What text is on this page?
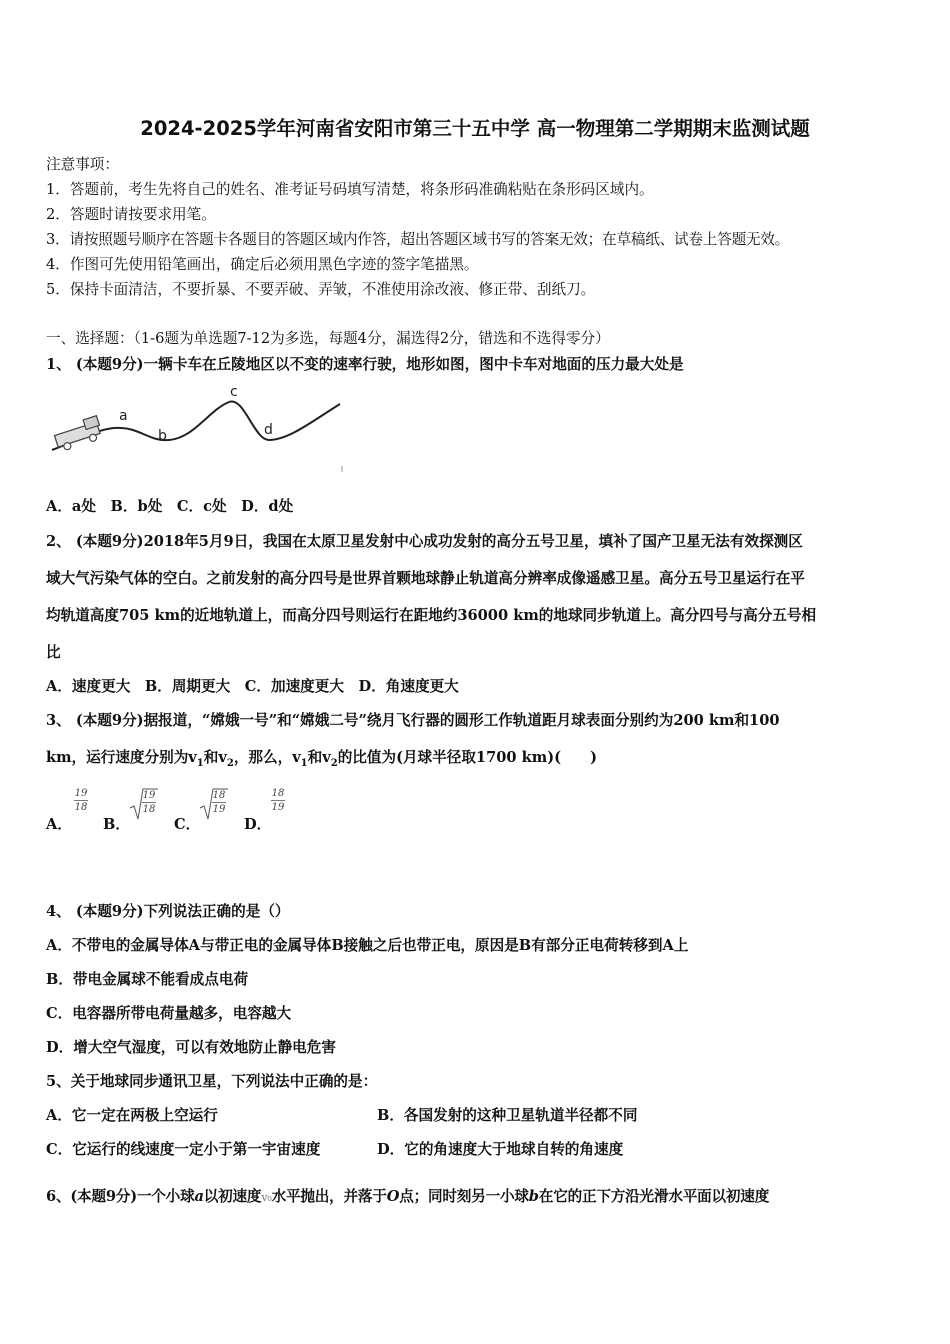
2024-2025学年河南省安阳市第三十五中学 高一物理第二学期期末监测试题
注意事项：
1．答题前，考生先将自己的姓名、准考证号码填写清楚，将条形码准确粘贴在条形码区域内。
2．答题时请按要求用笔。
3．请按照题号顺序在答题卡各题目的答题区域内作答，超出答题区域书写的答案无效；在草稿纸、试卷上答题无效。
4．作图可先使用铅笔画出，确定后必须用黑色字迹的签字笔描黑。
5．保持卡面清洁，不要折暴、不要弄破、弄皱，不准使用涂改液、修正带、刮纸刀。
一、选择题：（1-6题为单选题7-12为多选，每题4分，漏选得2分，错选和不选得零分）
1、 (本题9分)一辆卡车在丘陵地区以不变的速率行驶，地形如图，图中卡车对地面的压力最大处是
a
b
c
d
A．a处　B．b处　C．c处　D．d处
2、 (本题9分)2018年5月9日，我国在太原卫星发射中心成功发射的高分五号卫星，填补了国产卫星无法有效探测区
域大气污染气体的空白。之前发射的高分四号是世界首颗地球静止轨道高分辨率成像遥感卫星。高分五号卫星运行在平
均轨道高度705 km的近地轨道上，而高分四号则运行在距地约36000 km的地球同步轨道上。高分四号与高分五号相
比
A．速度更大　B．周期更大　C．加速度更大　D．角速度更大
3、 (本题9分)据报道，“嫦娥一号”和“嫦娥二号”绕月飞行器的圆形工作轨道距月球表面分别约为200 km和100
km，运行速度分别为$v_1$和$v_2$，那么，$v_1$和$v_2$的比值为(月球半径取1700 km)(　　)
A．
19
18
B．
19
18
C．
18
19
D．
18
19
4、 (本题9分)下列说法正确的是（）
A．不带电的金属导体A与带正电的金属导体B接触之后也带正电，原因是B有部分正电荷转移到A上
B．带电金属球不能看成点电荷
C．电容器所带电荷量越多，电容越大
D．增大空气湿度，可以有效地防止静电危害
5、关于地球同步通讯卫星，下列说法中正确的是：
A．它一定在两极上空运行	B．各国发射的这种卫星轨道半径都不同
C．它运行的线速度一定小于第一宇宙速度	D．它的角速度大于地球自转的角速度
6、(本题9分)一个小球a以初速度v₀水平抛出，并落于O点；同时刻另一小球b在它的正下方沿光滑水平面以初速度
